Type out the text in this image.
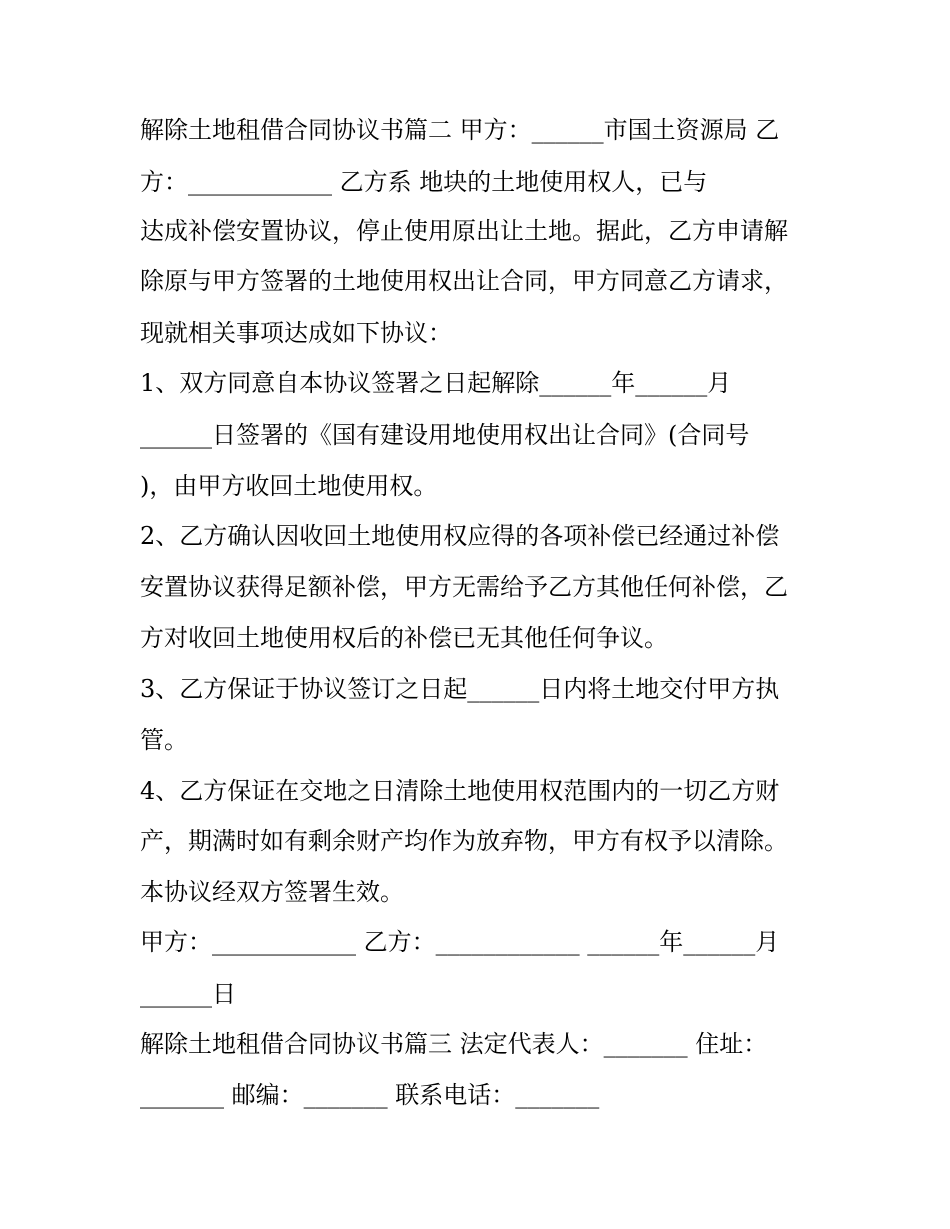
解除土地租借合同协议书篇二 甲方：______市国土资源局 乙

方：____________ 乙方系 地块的土地使用权人，已与

达成补偿安置协议，停止使用原出让土地。据此，乙方申请解

除原与甲方签署的土地使用权出让合同，甲方同意乙方请求，

现就相关事项达成如下协议：

1、双方同意自本协议签署之日起解除______年______月

______日签署的《国有建设用地使用权出让合同》(合同号

)，由甲方收回土地使用权。

2、乙方确认因收回土地使用权应得的各项补偿已经通过补偿

安置协议获得足额补偿，甲方无需给予乙方其他任何补偿，乙

方对收回土地使用权后的补偿已无其他任何争议。

3、乙方保证于协议签订之日起______日内将土地交付甲方执

管。

4、乙方保证在交地之日清除土地使用权范围内的一切乙方财

产，期满时如有剩余财产均作为放弃物，甲方有权予以清除。

本协议经双方签署生效。

甲方：____________ 乙方：____________ ______年______月

______日

解除土地租借合同协议书篇三 法定代表人：_______ 住址：

_______ 邮编：_______ 联系电话：_______
